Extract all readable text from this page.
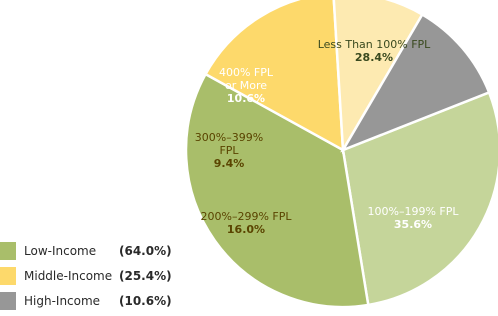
Less Than 100% FPL 28.4%
100%–199% FPL 35.6%
200%–299% FPL 16.0%
300%–399% FPL 9.4%
400% FPL or More 10.6%
Low-Income	(64.0%)
Middle-Income (25.4%)
High-Income	(10.6%)
